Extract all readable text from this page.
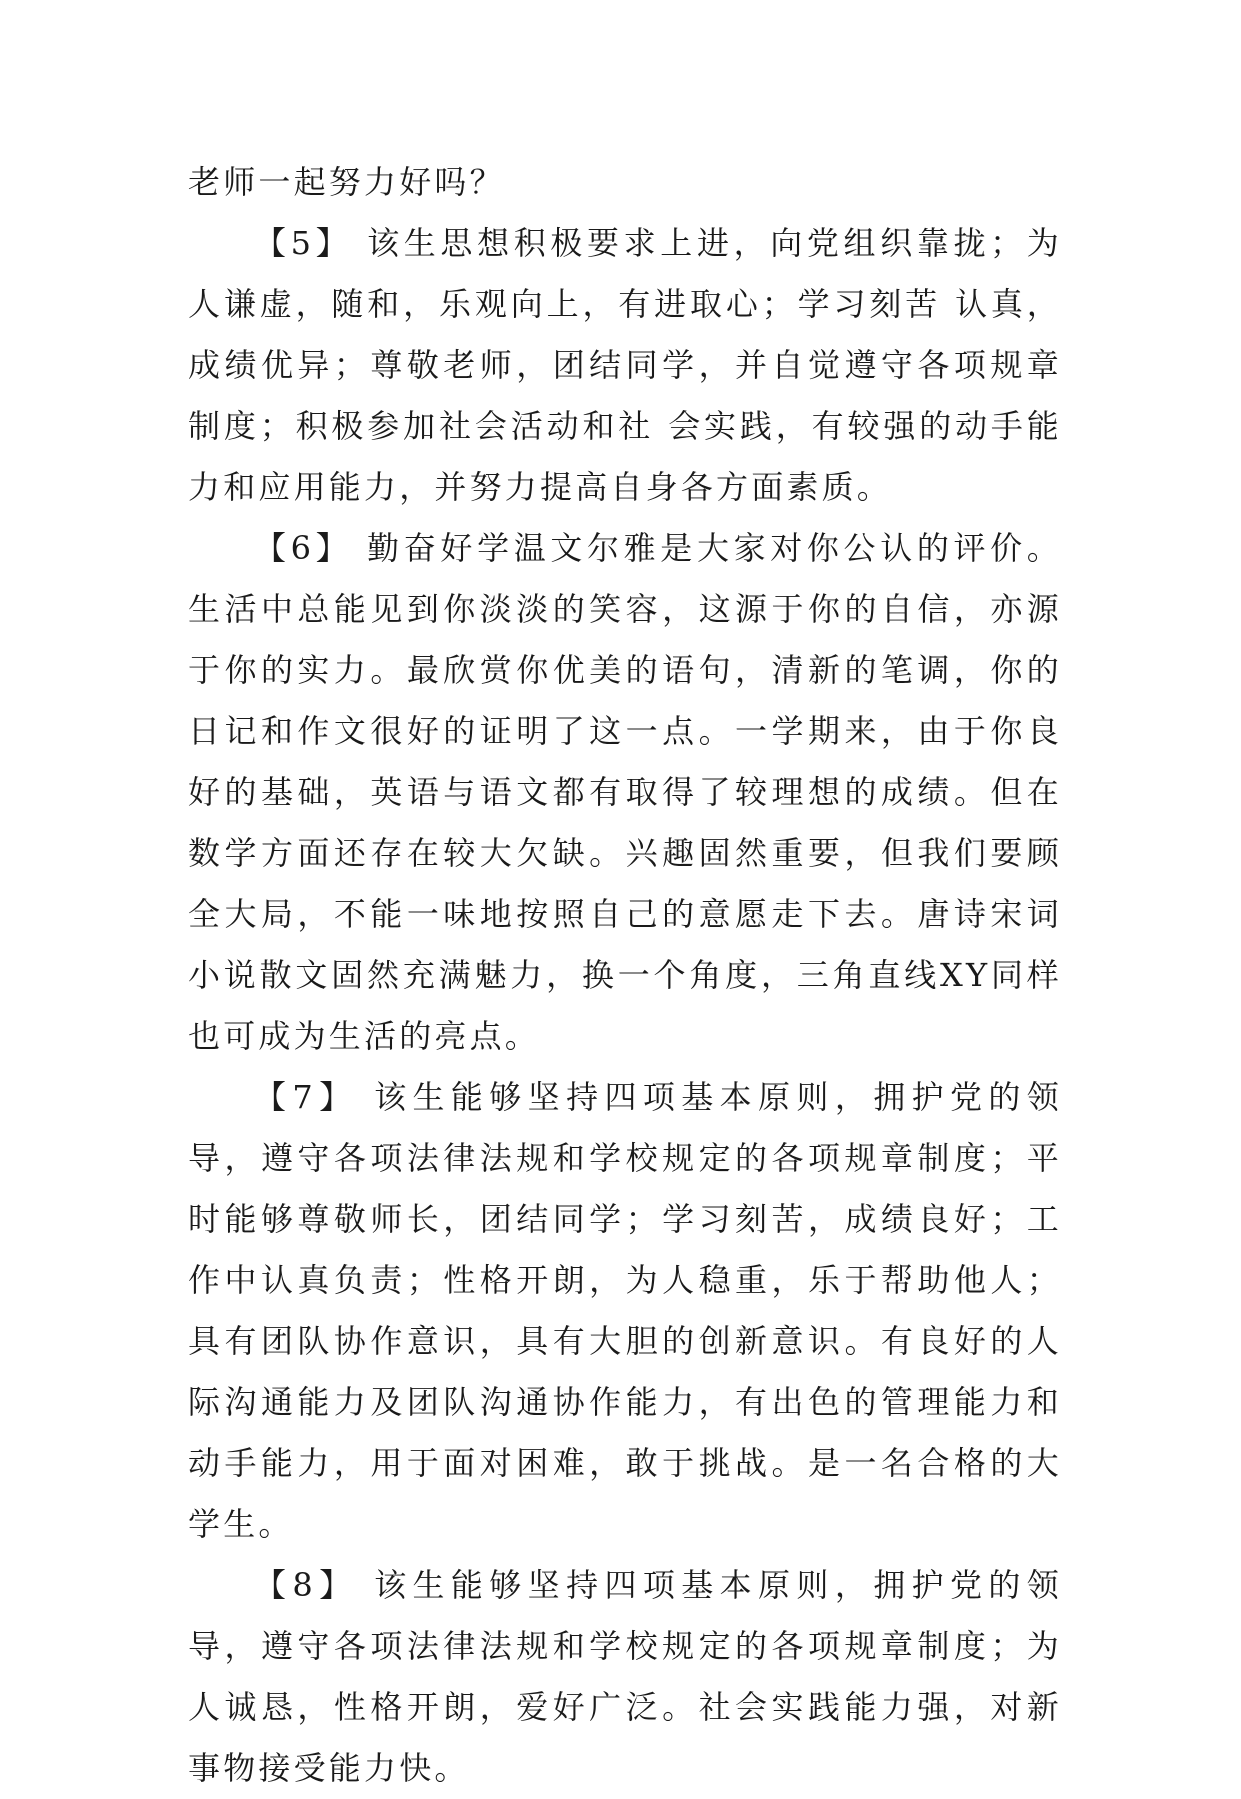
老师一起努力好吗？

【5】 该生思想积极要求上进，向党组织靠拢；为人谦虚，随和，乐观向上，有进取心；学习刻苦 认真，成绩优异；尊敬老师，团结同学，并自觉遵守各项规章制度；积极参加社会活动和社 会实践，有较强的动手能力和应用能力，并努力提高自身各方面素质。

【6】 勤奋好学温文尔雅是大家对你公认的评价。生活中总能见到你淡淡的笑容，这源于你的自信，亦源于你的实力。最欣赏你优美的语句，清新的笔调，你的日记和作文很好的证明了这一点。一学期来，由于你良好的基础，英语与语文都有取得了较理想的成绩。但在数学方面还存在较大欠缺。兴趣固然重要，但我们要顾全大局，不能一味地按照自己的意愿走下去。唐诗宋词小说散文固然充满魅力，换一个角度，三角直线XY同样也可成为生活的亮点。

【7】 该生能够坚持四项基本原则，拥护党的领导，遵守各项法律法规和学校规定的各项规章制度；平时能够尊敬师长，团结同学；学习刻苦，成绩良好；工作中认真负责；性格开朗，为人稳重，乐于帮助他人；具有团队协作意识，具有大胆的创新意识。有良好的人际沟通能力及团队沟通协作能力，有出色的管理能力和动手能力，用于面对困难，敢于挑战。是一名合格的大学生。

【8】 该生能够坚持四项基本原则，拥护党的领导，遵守各项法律法规和学校规定的各项规章制度；为人诚恳，性格开朗，爱好广泛。社会实践能力强，对新事物接受能力快。
